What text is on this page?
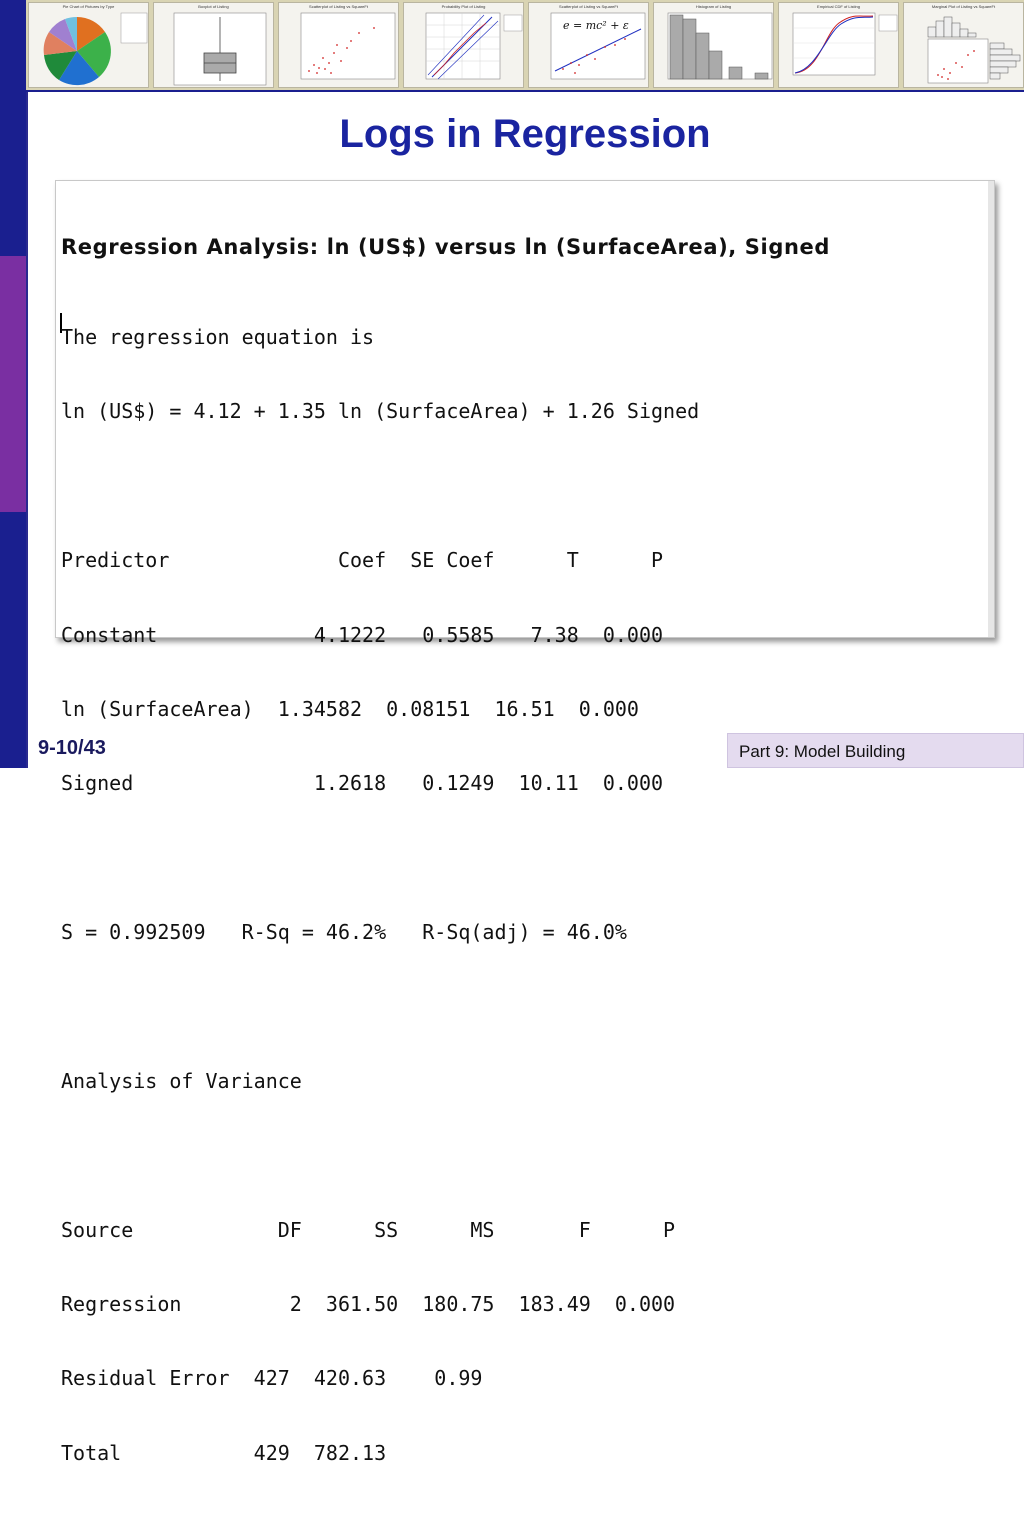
Pie Chart of Pictures by Type	Boxplot of Listing	Scatterplot of Listing vs SquareFt	Probability Plot of Listing	Scatterplot of Listing vs SquareFt
e = mc² + ε
Histogram of Listing	Empirical CDF of Listing	Marginal Plot of Listing vs SquareFt
Logs in Regression

Regression Analysis: ln (US$) versus ln (SurfaceArea), Signed

The regression equation is

ln (US$) = 4.12 + 1.35 ln (SurfaceArea) + 1.26 Signed

Predictor              Coef  SE Coef      T      P

Constant             4.1222   0.5585   7.38  0.000

ln (SurfaceArea)  1.34582  0.08151  16.51  0.000

Signed               1.2618   0.1249  10.11  0.000

S = 0.992509   R-Sq = 46.2%   R-Sq(adj) = 46.0%

Analysis of Variance

Source            DF      SS      MS       F      P

Regression         2  361.50  180.75  183.49  0.000

Residual Error  427  420.63    0.99

Total           429  782.13

9-10/43	Part 9: Model Building
